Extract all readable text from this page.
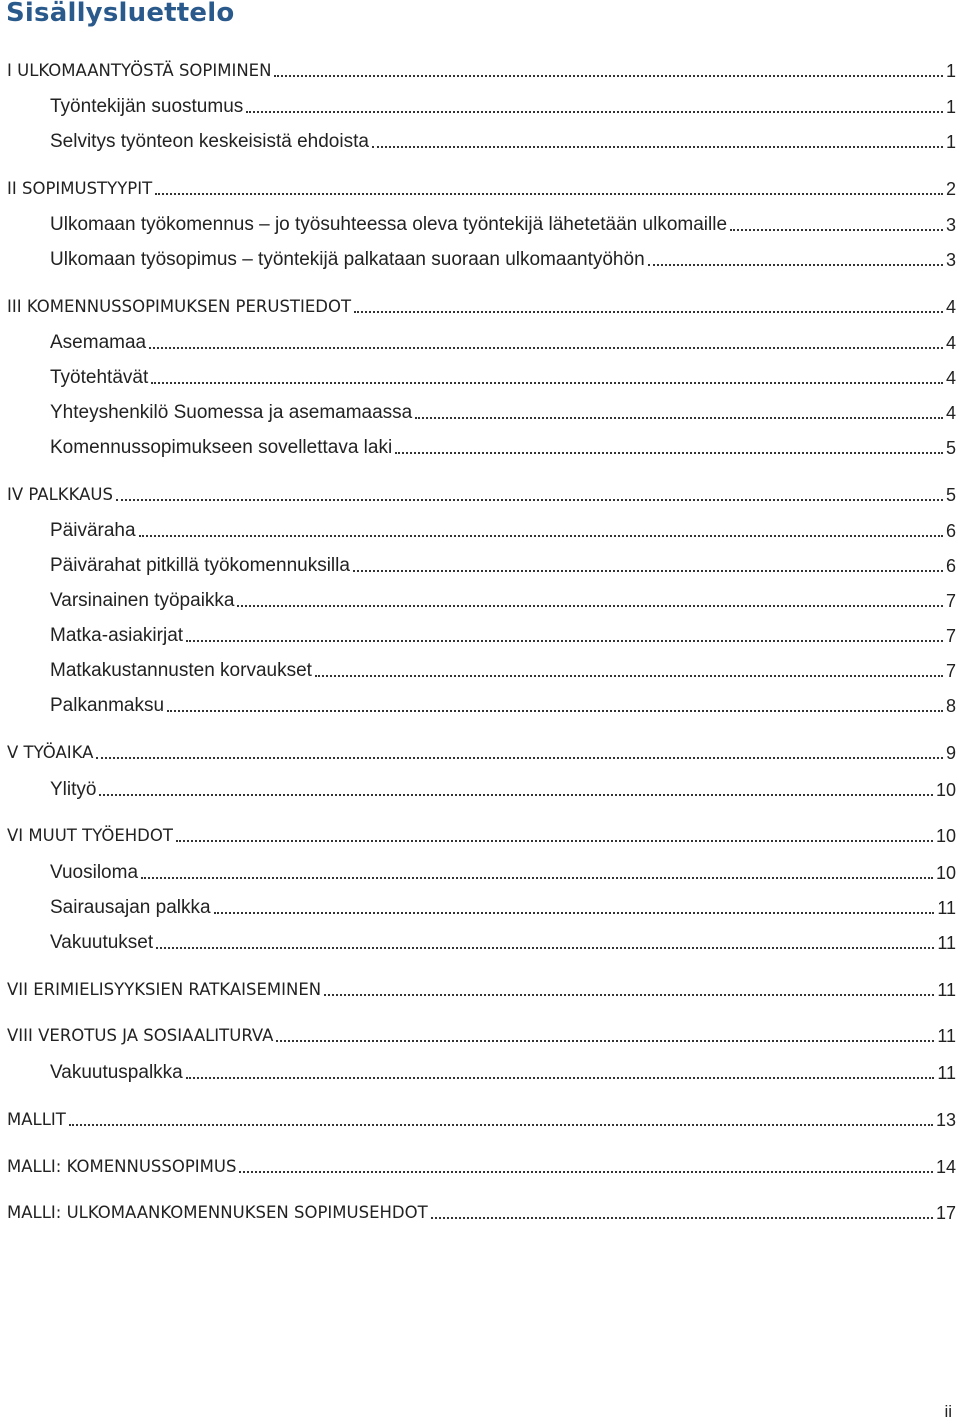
Sisällysluettelo
I ULKOMAANTYÖSTÄ SOPIMINEN	1
Työntekijän suostumus	1
Selvitys työnteon keskeisistä ehdoista	1
II SOPIMUSTYYPIT	2
Ulkomaan työkomennus – jo työsuhteessa oleva työntekijä lähetetään ulkomaille	3
Ulkomaan työsopimus – työntekijä palkataan suoraan ulkomaantyöhön	3
III KOMENNUSSOPIMUKSEN PERUSTIEDOT	4
Asemamaa	4
Työtehtävät	4
Yhteyshenkilö Suomessa ja asemamaassa	4
Komennussopimukseen sovellettava laki	5
IV PALKKAUS	5
Päiväraha	6
Päivärahat pitkillä työkomennuksilla	6
Varsinainen työpaikka	7
Matka-asiakirjat	7
Matkakustannusten korvaukset	7
Palkanmaksu	8
V TYÖAIKA	9
Ylityö	10
VI MUUT TYÖEHDOT	10
Vuosiloma	10
Sairausajan palkka	11
Vakuutukset	11
VII ERIMIELISYYKSIEN RATKAISEMINEN	11
VIII VEROTUS JA SOSIAALITURVA	11
Vakuutuspalkka	11
MALLIT	13
MALLI: KOMENNUSSOPIMUS	14
MALLI: ULKOMAANKOMENNUKSEN SOPIMUSEHDOT	17
ii
